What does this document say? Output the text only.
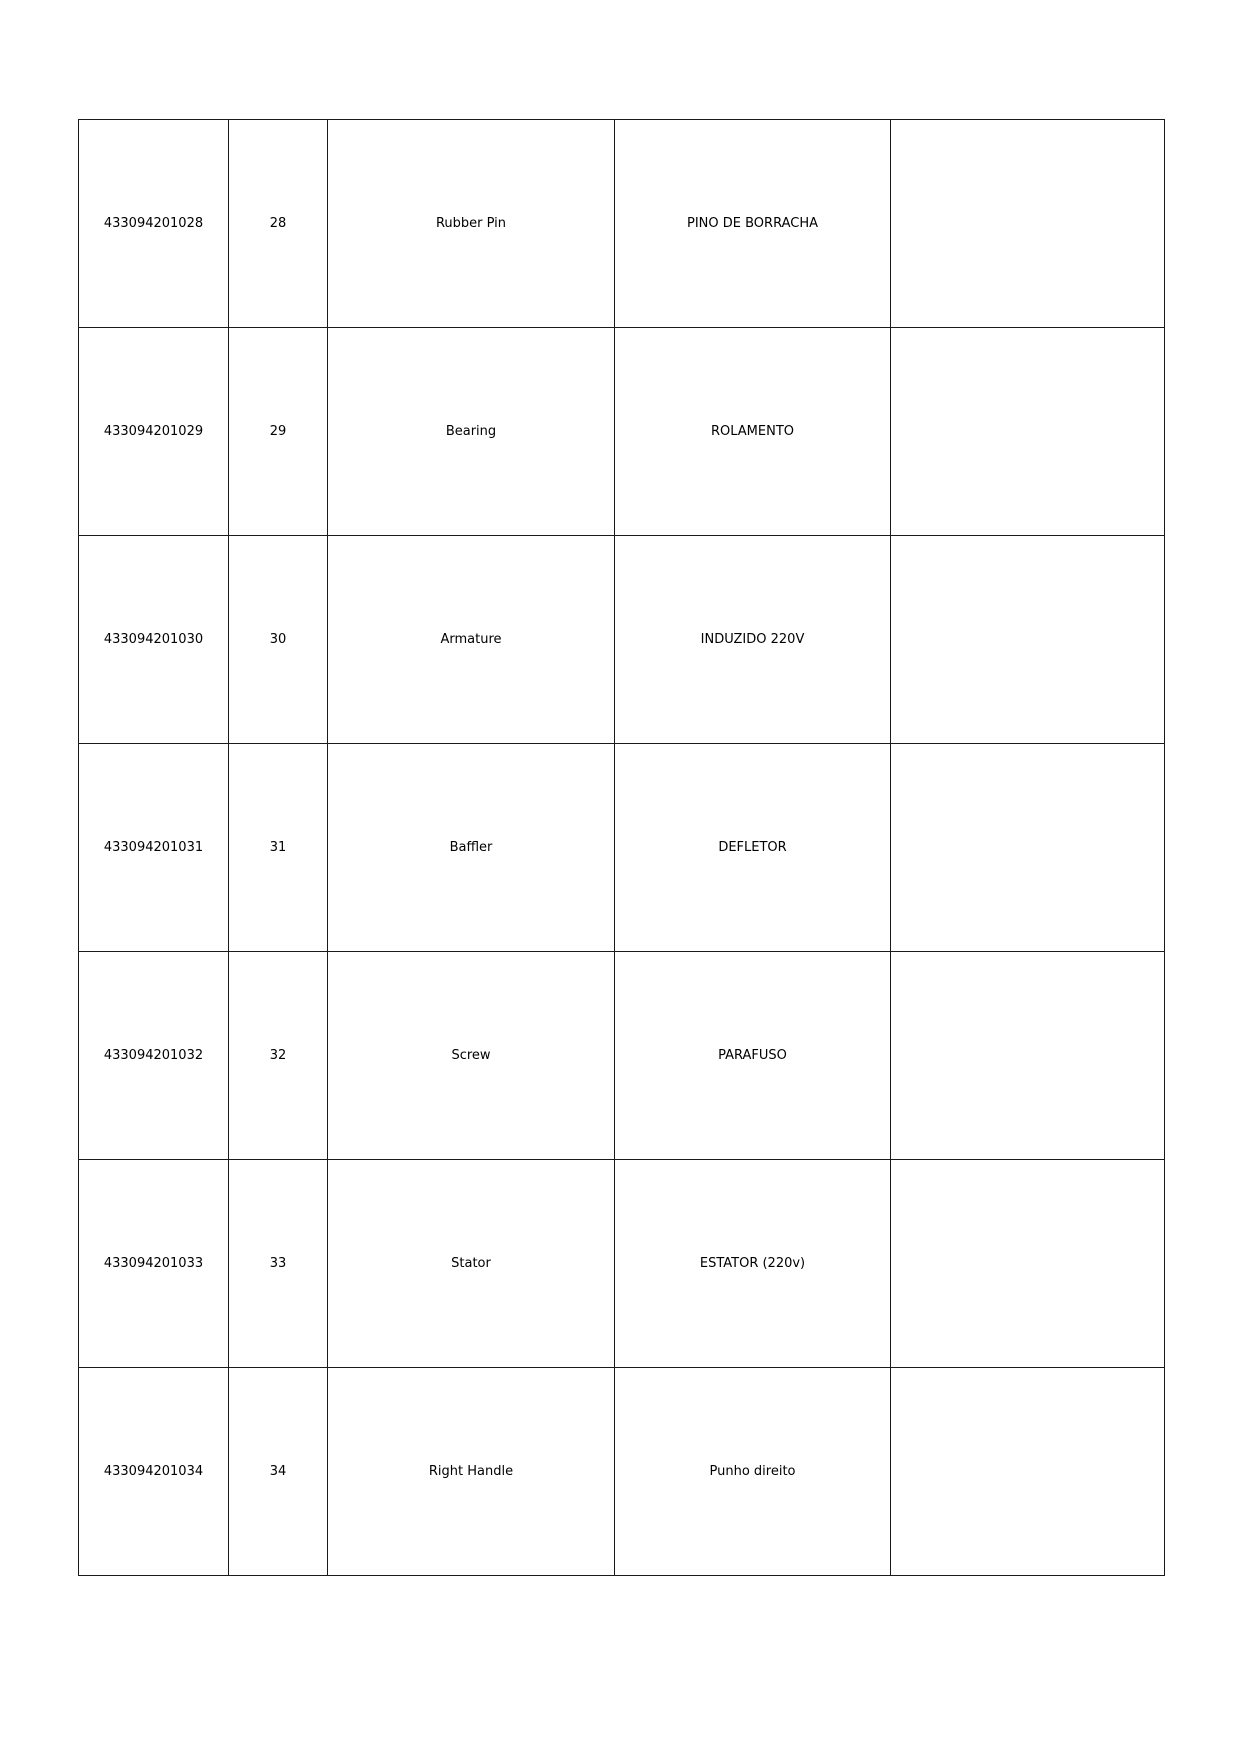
433094201028	28	Rubber Pin	PINO DE BORRACHA	
433094201029	29	Bearing	ROLAMENTO	
433094201030	30	Armature	INDUZIDO 220V	
433094201031	31	Baffler	DEFLETOR	
433094201032	32	Screw	PARAFUSO	
433094201033	33	Stator	ESTATOR (220v)	
433094201034	34	Right Handle	Punho direito	
